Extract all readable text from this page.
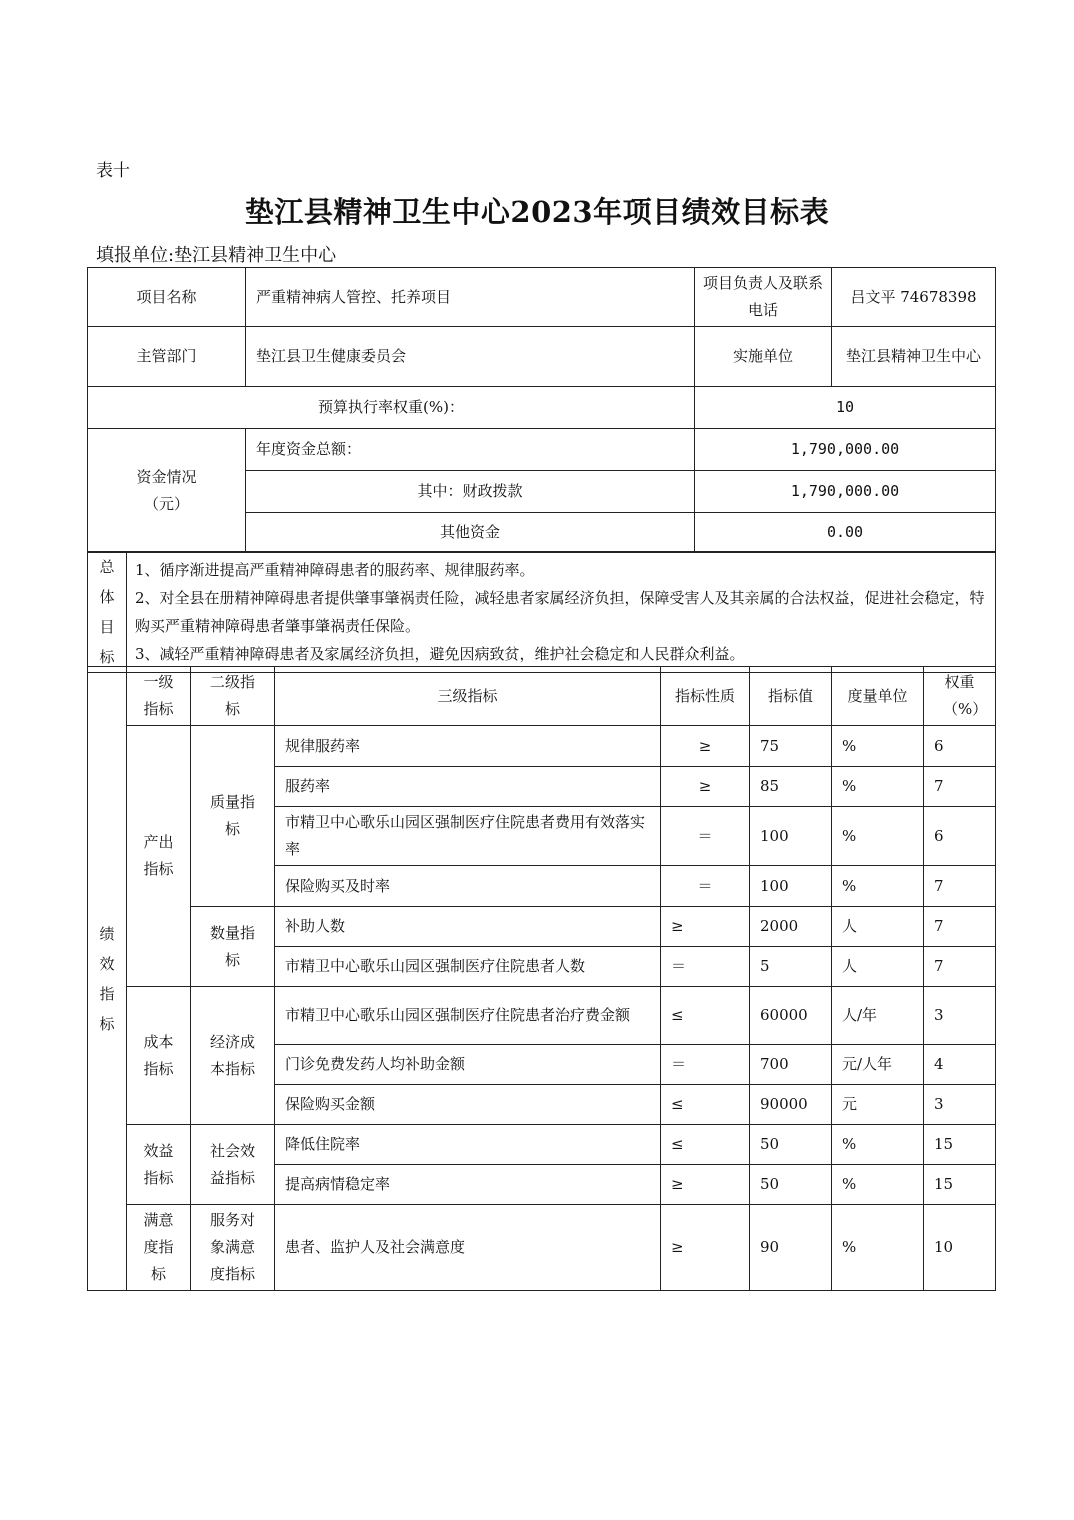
表十
垫江县精神卫生中心2023年项目绩效目标表
填报单位:垫江县精神卫生中心
项目名称	严重精神病人管控、托养项目	项目负责人及联系电话	吕文平 74678398
主管部门	垫江县卫生健康委员会	实施单位	垫江县精神卫生中心
预算执行率权重(%)：		10	

资金情况（元）	年度资金总额：	1,790,000.00	
	其中：财政拨款	1,790,000.00	
	其他资金	0.00	
总体目标

1、循序渐进提高严重精神障碍患者的服药率、规律服药率。
2、对全县在册精神障碍患者提供肇事肇祸责任险，减轻患者家属经济负担，保障受害人及其亲属的合法权益，促进社会稳定，特购买严重精神障碍患者肇事肇祸责任保险。
3、减轻严重精神障碍患者及家属经济负担，避免因病致贫，维护社会稳定和人民群众利益。
绩效指标	一级指标	二级指标	三级指标	指标性质	指标值	度量单位	权重（%）

	产出指标	质量指标	规律服药率	≥	75	%	6
			服药率	≥	85	%	7
			市精卫中心歌乐山园区强制医疗住院患者费用有效落实率	＝	100	%	6
			保险购买及时率	＝	100	%	7

		数量指标	补助人数	≥	2000	人	7
			市精卫中心歌乐山园区强制医疗住院患者人数	＝	5	人	7

	成本指标	经济成本指标	市精卫中心歌乐山园区强制医疗住院患者治疗费金额	≤	60000	人/年	3
			门诊免费发药人均补助金额	＝	700	元/人年	4
			保险购买金额	≤	90000	元	3

	效益指标	社会效益指标	降低住院率	≤	50	%	15
			提高病情稳定率	≥	50	%	15

	满意度指标	服务对象满意度指标	患者、监护人及社会满意度	≥	90	%	10
